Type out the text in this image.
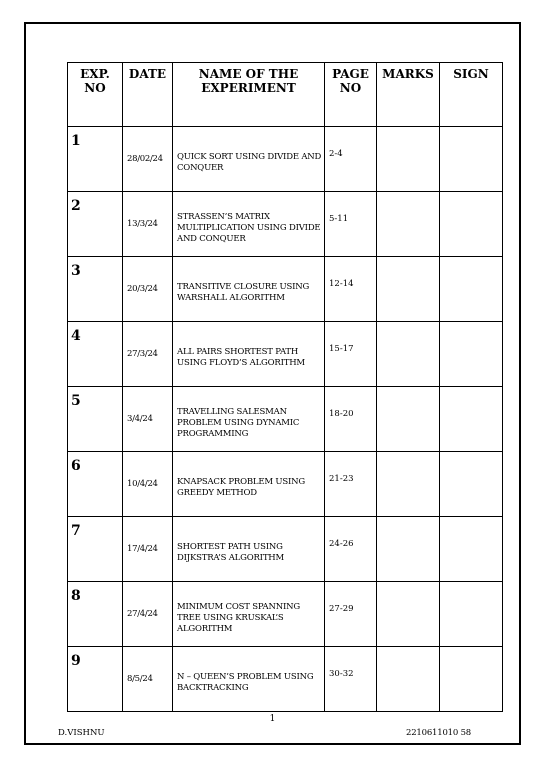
EXP. NO	DATE	NAME OF THE EXPERIMENT	PAGE NO	MARKS	SIGN
1	28/02/24	QUICK SORT USING DIVIDE AND CONQUER	2-4		
2	13/3/24	STRASSEN’S MATRIX MULTIPLICATION USING DIVIDE AND CONQUER	5-11		
3	20/3/24	TRANSITIVE CLOSURE USING WARSHALL ALGORITHM	12-14		
4	27/3/24	ALL PAIRS SHORTEST PATH USING FLOYD’S ALGORITHM	15-17		
5	3/4/24	TRAVELLING SALESMAN PROBLEM USING DYNAMIC PROGRAMMING	18-20		
6	10/4/24	KNAPSACK PROBLEM USING GREEDY METHOD	21-23		
7	17/4/24	SHORTEST PATH USING DIJKSTRA’S ALGORITHM	24-26		
8	27/4/24	MINIMUM COST SPANNING TREE USING KRUSKAL’S ALGORITHM	27-29		
9	8/5/24	N – QUEEN’S PROBLEM USING BACKTRACKING	30-32		
1
D.VISHNU	2210611010 58
